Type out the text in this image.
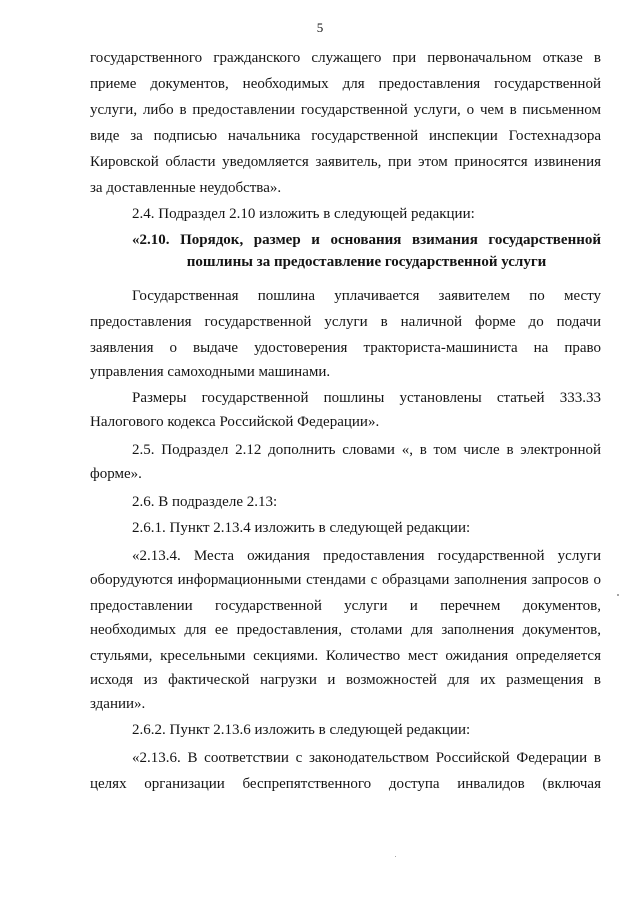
5
государственного гражданского служащего при первоначальном отказе в
приеме документов, необходимых для предоставления государственной
услуги, либо в предоставлении государственной услуги, о чем в письменном
виде за подписью начальника государственной инспекции Гостехнадзора
Кировской области уведомляется заявитель, при этом приносятся извинения
за доставленные неудобства».
2.4. Подраздел 2.10 изложить в следующей редакции:
«2.10. Порядок, размер и основания взимания государственной
пошлины за предоставление государственной услуги
Государственная пошлина уплачивается заявителем по месту
предоставления государственной услуги в наличной форме до подачи
заявления о выдаче удостоверения тракториста-машиниста на право
управления самоходными машинами.
Размеры государственной пошлины установлены статьей 333.33
Налогового кодекса Российской Федерации».
2.5. Подраздел 2.12 дополнить словами «, в том числе в электронной
форме».
2.6. В подразделе 2.13:
2.6.1. Пункт 2.13.4 изложить в следующей редакции:
«2.13.4. Места ожидания предоставления государственной услуги
оборудуются информационными стендами с образцами заполнения запросов о
предоставлении государственной услуги и перечнем документов,
необходимых для ее предоставления, столами для заполнения документов,
стульями, кресельными секциями. Количество мест ожидания определяется
исходя из фактической нагрузки и возможностей для их размещения в
здании».
2.6.2. Пункт 2.13.6 изложить в следующей редакции:
«2.13.6. В соответствии с законодательством Российской Федерации в
целях организации беспрепятственного доступа инвалидов (включая
